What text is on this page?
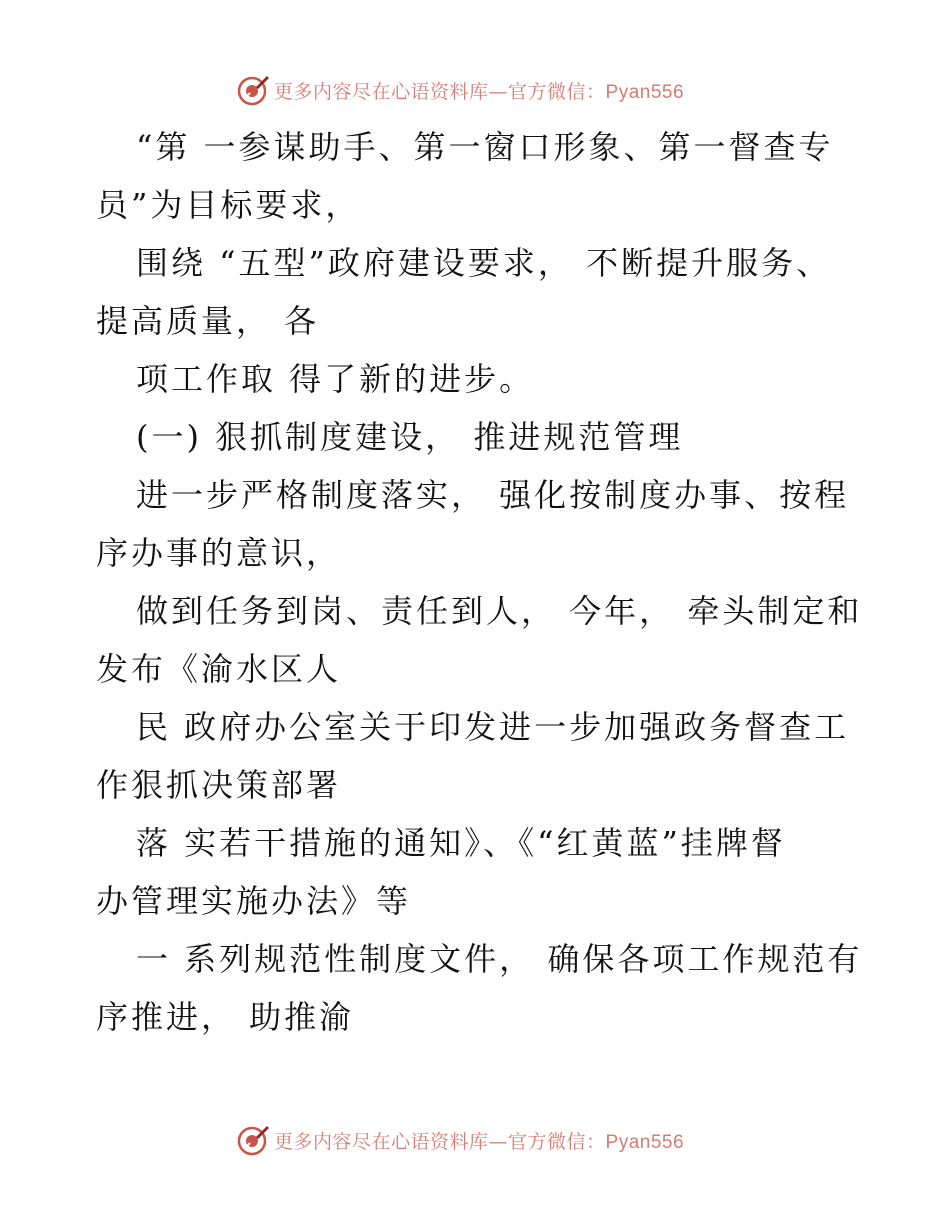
更多内容尽在心语资料库—官方微信：Pyan556
“第 一参谋助手、第一窗口形象、第一督查专
员”为目标要求，
围绕 “五型”政府建设要求， 不断提升服务、
提高质量， 各
项工作取 得了新的进步。
(一) 狠抓制度建设， 推进规范管理
进一步严格制度落实， 强化按制度办事、按程
序办事的意识，
做到任务到岗、责任到人， 今年， 牵头制定和
发布《渝水区人
民 政府办公室关于印发进一步加强政务督查工
作狠抓决策部署
落 实若干措施的通知》、《“红黄蓝”挂牌督
办管理实施办法》等
一 系列规范性制度文件， 确保各项工作规范有
序推进， 助推渝
更多内容尽在心语资料库—官方微信：Pyan556
